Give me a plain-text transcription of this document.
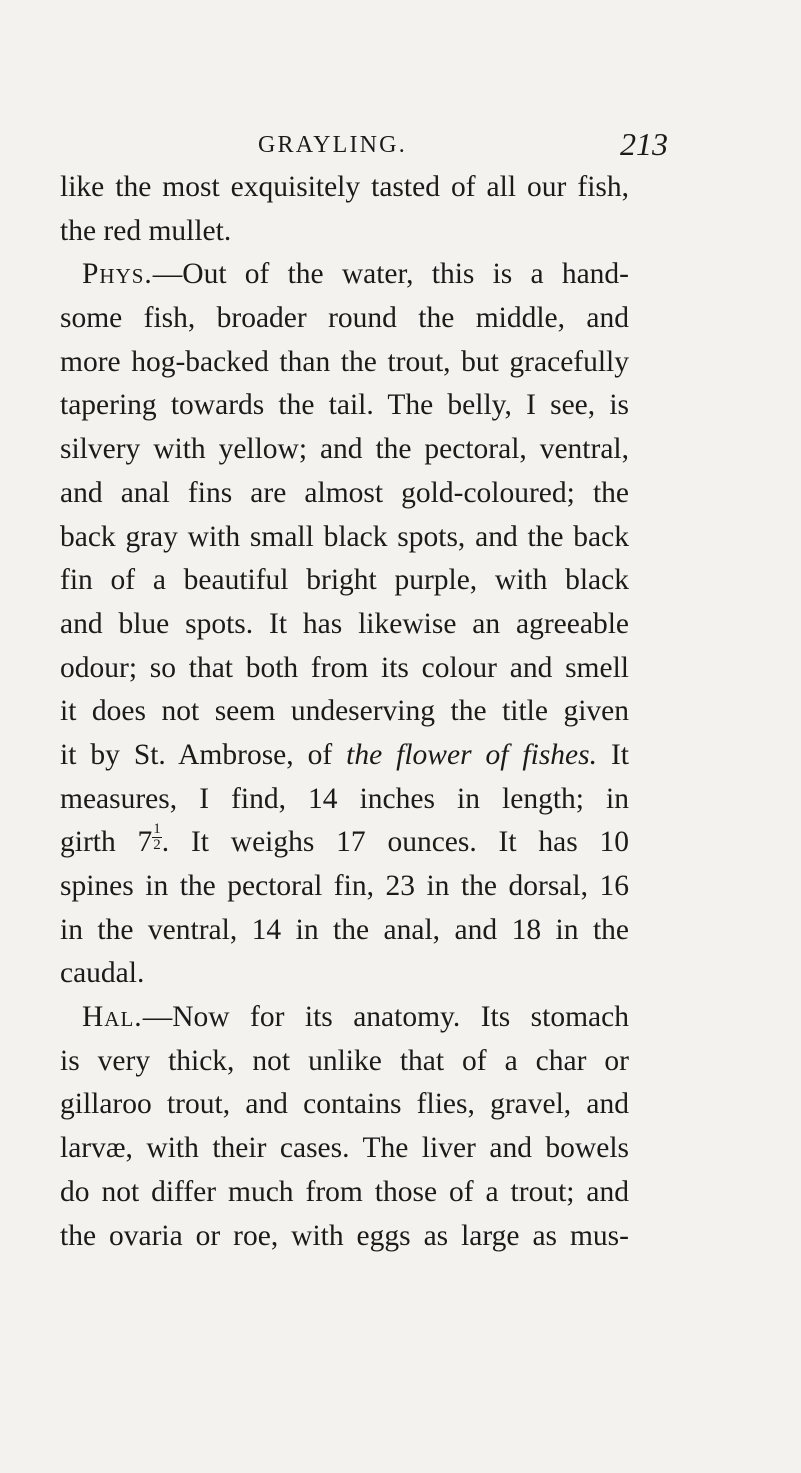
GRAYLING.	213
like the most exquisitely tasted of all our fish,
the red mullet.
Phys.—Out of the water, this is a hand-
some fish, broader round the middle, and
more hog-backed than the trout, but gracefully
tapering towards the tail. The belly, I see, is
silvery with yellow; and the pectoral, ventral,
and anal fins are almost gold-coloured; the
back gray with small black spots, and the back
fin of a beautiful bright purple, with black
and blue spots. It has likewise an agreeable
odour; so that both from its colour and smell
it does not seem undeserving the title given
it by St. Ambrose, of the flower of fishes. It
measures, I find, 14 inches in length; in
girth $7 \frac{1}{2}$ . It weighs 17 ounces. It has 10
spines in the pectoral fin, 23 in the dorsal, 16
in the ventral, 14 in the anal, and 18 in the
caudal.
Hal.—Now for its anatomy. Its stomach
is very thick, not unlike that of a char or
gillaroo trout, and contains flies, gravel, and
larvæ, with their cases. The liver and bowels
do not differ much from those of a trout; and
the ovaria or roe, with eggs as large as mus-
